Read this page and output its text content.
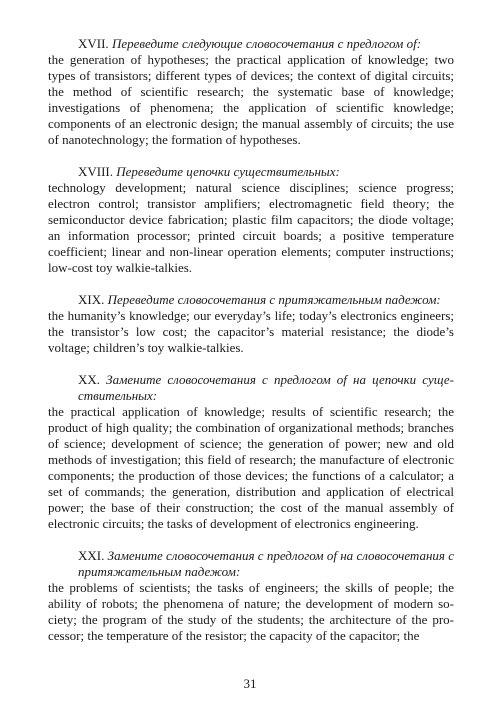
XVII. Переведите следующие словосочетания с предлогом of:

the generation of hypotheses; the practical application of knowledge; two types of transistors; different types of devices; the context of digital circuits; the method of scientific research; the systematic base of knowledge; investigations of phenomena; the application of scientific knowledge; components of an electronic design; the manual assembly of circuits; the use of nanotechnology; the formation of hypotheses.

XVIII. Переведите цепочки существительных:

technology development; natural science disciplines; science progress; electron control; transistor amplifiers; electromagnetic field theory; the semiconductor device fabrication; plastic film capacitors; the diode voltage; an information processor; printed circuit boards; a positive temperature coefficient; linear and non-linear operation elements; computer instructions; low-cost toy walkie-talkies.

XIX. Переведите словосочетания с притяжательным падежом:

the humanity’s knowledge; our everyday’s life; today’s electronics engineers; the transistor’s low cost; the capacitor’s material resistance; the diode’s voltage; children’s toy walkie-talkies.

XX. Замените словосочетания с предлогом of на цепочки существительных:

the practical application of knowledge; results of scientific research; the product of high quality; the combination of organizational methods; branches of science; development of science; the generation of power; new and old methods of investigation; this field of research; the manufacture of electronic components; the production of those devices; the functions of a calculator; a set of commands; the generation, distribution and application of electrical power; the base of their construction; the cost of the manual assembly of electronic circuits; the tasks of development of electronics engineering.

XXI. Замените словосочетания с предлогом of на словосочетания с притяжательным падежом:

the problems of scientists; the tasks of engineers; the skills of people; the ability of robots; the phenomena of nature; the development of modern society; the program of the study of the students; the architecture of the processor; the temperature of the resistor; the capacity of the capacitor; the

31
